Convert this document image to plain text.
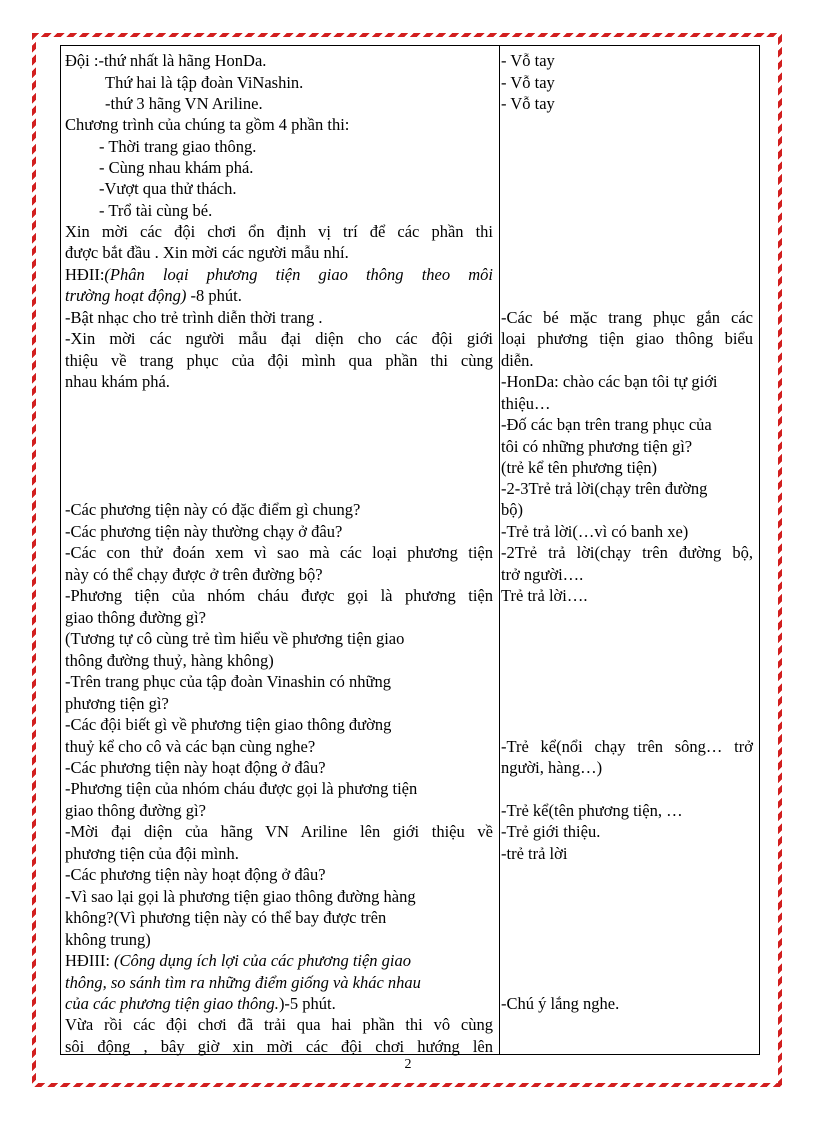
Đội :-thứ nhất là hãng HonDa.
Thứ hai là tập đoàn ViNashin.
-thứ 3 hãng VN Ariline.
Chương trình của chúng ta gồm 4 phần thi:
- Thời trang giao thông.
- Cùng nhau khám phá.
-Vượt qua thử thách.
- Trổ tài cùng bé.
Xin mời các đội chơi ổn định vị trí để các phần thi
được bắt đầu . Xin mời các người mẫu nhí.
HĐII:(Phân loại phương tiện giao thông theo môi
trường hoạt động) -8 phút.
-Bật nhạc cho trẻ trình diễn thời trang .
-Xin mời các người mẫu đại diện cho các đội giới
thiệu về trang phục của đội mình qua phần thi cùng
nhau khám phá.
-Các phương tiện này có đặc điểm gì chung?
-Các phương tiện này thường chạy ở đâu?
-Các con thử đoán xem vì sao mà các loại phương tiện
này có thể chạy được ở trên đường bộ?
-Phương tiện của nhóm cháu được gọi là phương tiện
giao thông đường gì?
(Tương tự cô cùng trẻ tìm hiểu về phương tiện giao
thông đường thuỷ, hàng không)
-Trên trang phục của tập đoàn Vinashin có những
phương tiện gì?
-Các đội biết gì về phương tiện giao thông đường
thuỷ kể cho cô và các bạn cùng nghe?
-Các phương tiện này hoạt động ở đâu?
-Phương tiện của nhóm cháu được gọi là phương tiện
giao thông đường gì?
-Mời đại diện của hãng VN Ariline lên giới thiệu về
phương tiện của đội mình.
-Các phương tiện này hoạt động ở đâu?
-Vì sao lại gọi là phương tiện giao thông đường hàng
không?(Vì phương tiện này có thể bay được trên
không trung)
HĐIII: (Công dụng ích lợi của các phương tiện giao
thông, so sánh tìm ra những điểm giống và khác nhau
của các phương tiện giao thông.)-5 phút.
Vừa rồi các đội chơi đã trải qua hai phần thi vô cùng
sôi động , bây giờ xin mời các đội chơi hướng lên
- Vỗ tay
- Vỗ tay
- Vỗ tay
-Các bé mặc trang phục gắn các
loại phương tiện giao thông biểu
diễn.
-HonDa: chào các bạn tôi tự giới
thiệu…
-Đố các bạn trên trang phục của
tôi có những phương tiện gì?
(trẻ kể tên phương tiện)
-2-3Trẻ trả lời(chạy trên đường
bộ)
-Trẻ trả lời(…vì có banh xe)
-2Trẻ trả lời(chạy trên đường bộ,
trở người….
Trẻ trả lời….
-Trẻ kể(nổi chạy trên sông… trở
người, hàng…)
-Trẻ kể(tên phương tiện, …
-Trẻ giới thiệu.
-trẻ trả lời
-Chú ý lắng nghe.
2
